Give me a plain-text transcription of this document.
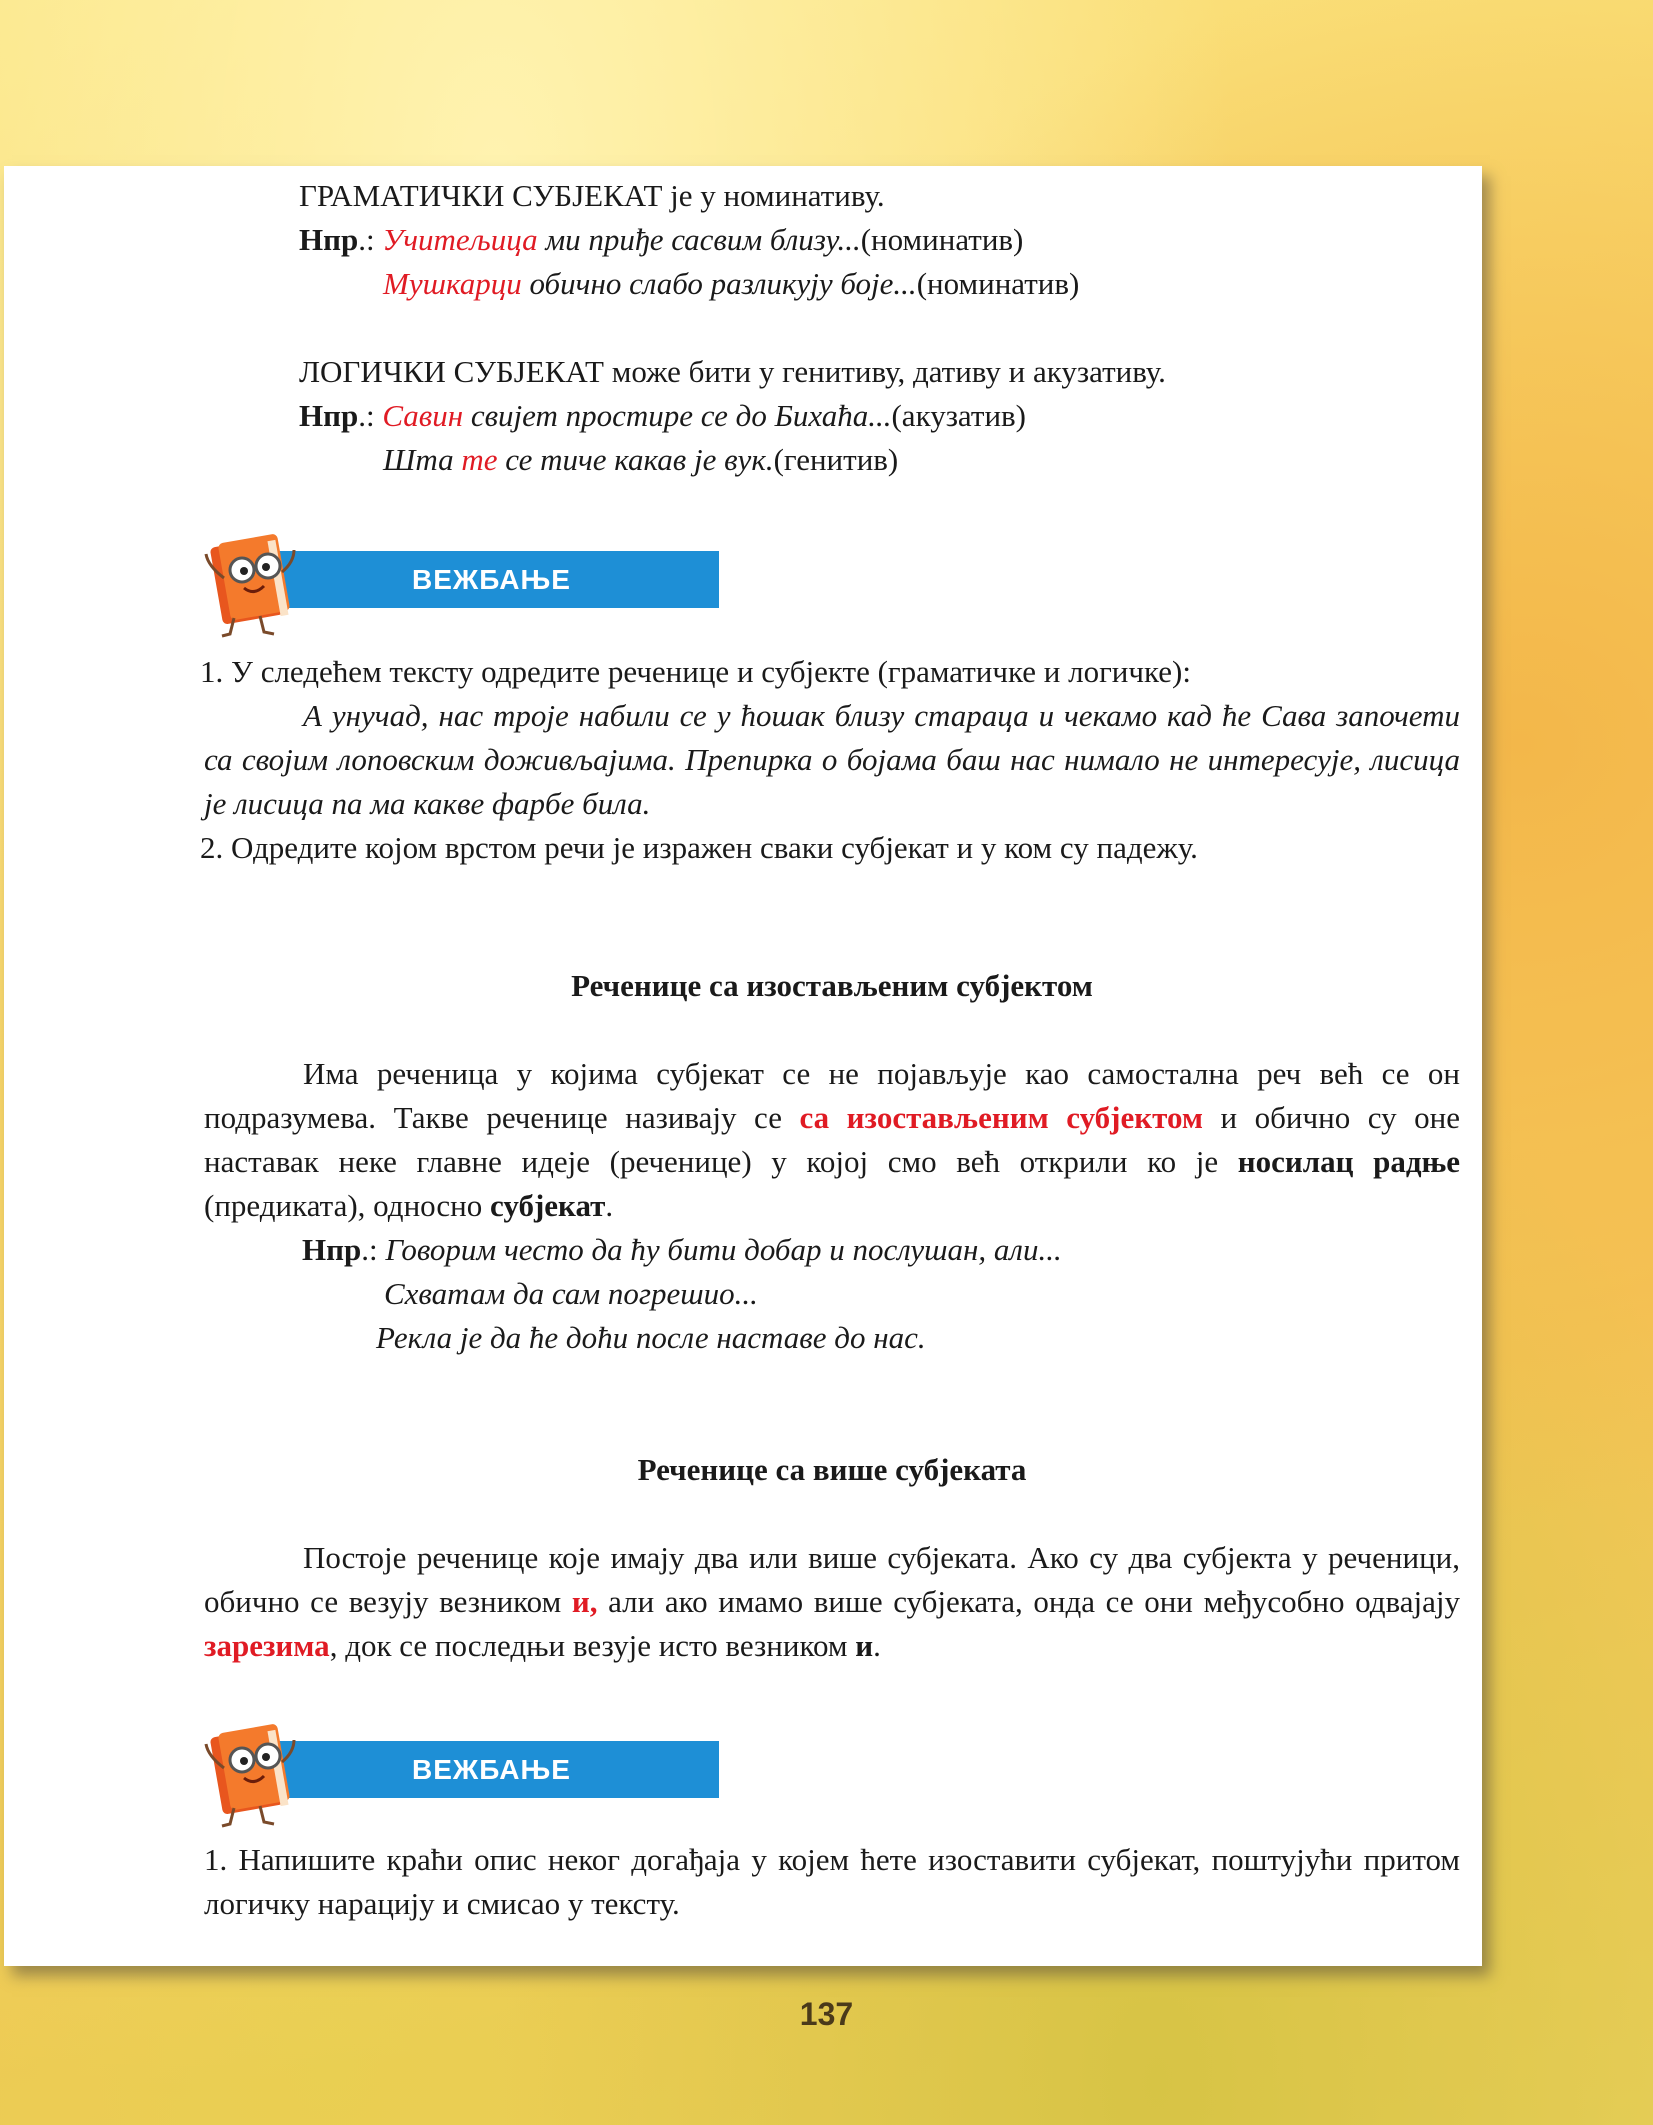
ГРАМАТИЧКИ СУБЈЕКАТ је у номинативу.
Нпр.: Учитељица ми приђе сасвим близу...(номинатив)
Мушкарци обично слабо разликују боје...(номинатив)
ЛОГИЧКИ СУБЈЕКАТ може бити у генитиву, дативу и акузативу.
Нпр.: Савин свијет простире се до Бихаћа...(акузатив)
Шта те се тиче какав је вук.(генитив)
ВЕЖБАЊЕ
1. У следећем тексту одредите реченице и субјекте (граматичке и логичке):

А унучад, нас троје набили се у ћошак близу стараца и чекамо кад ће Сава започети са својим лоповским доживљајима. Препирка о бојама баш нас нимало не интересује, лисица је лисица па ма какве фарбе била.

2. Одредите којом врстом речи је изражен сваки субјекат и у ком су падежу.
Реченице са изостављеним субјектом

Има реченица у којима субјекат се не појављује као самостална реч већ се он подразумева. Такве реченице називају се са изостављеним субјектом и обично су оне наставак неке главне идеје (реченице) у којој смо већ открили ко је носилац радње (предиката), односно субјекат.

Нпр.: Говорим често да ћу бити добар и послушан, али...
Схватам да сам погрешио...
Рекла је да ће доћи после наставе до нас.
Реченице са више субјеката

Постоје реченице које имају два или више субјеката. Ако су два субјекта у реченици, обично се везују везником и, али ако имамо више субјеката, онда се они међусобно одвајају зарезима, док се последњи везује исто везником и.

ВЕЖБАЊЕ

1. Напишите краћи опис неког догађаја у којем ћете изоставити субјекат, поштујући притом логичку нарацију и смисао у тексту.

137
